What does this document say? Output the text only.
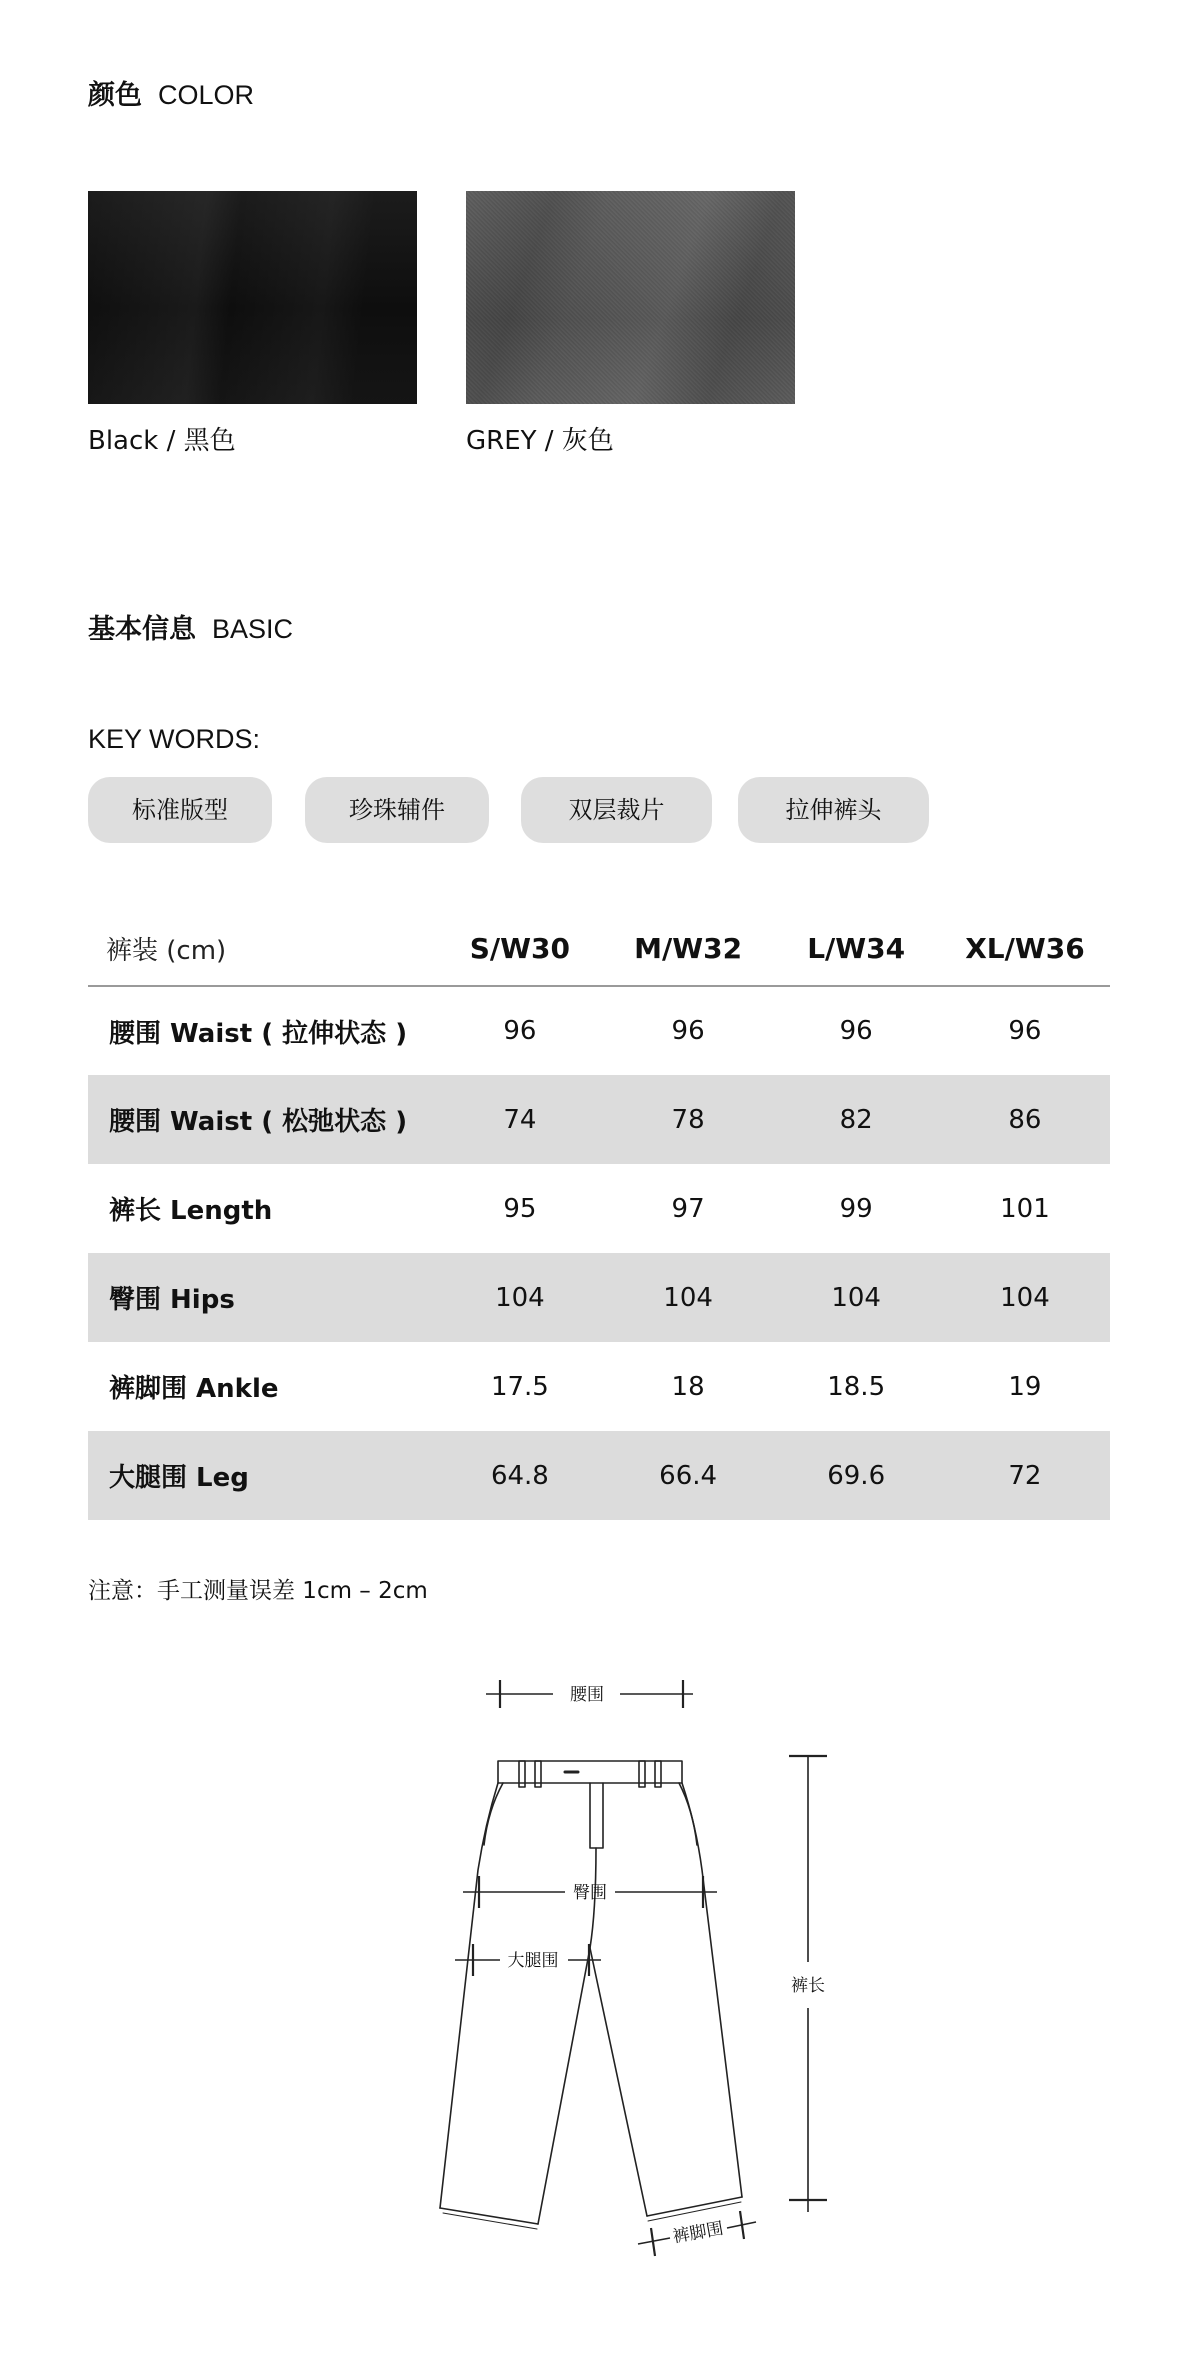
颜色 COLOR
Black / 黑色	GREY / 灰色
基本信息 BASIC
KEY WORDS:
标准版型	珍珠辅件	双层裁片	拉伸裤头
裤装 (cm)	S/W30	M/W32	L/W34	XL/W36
腰围 Waist ( 拉伸状态 )	96	96	96	96
腰围 Waist ( 松弛状态 )	74	78	82	86
裤长 Length	95	97	99	101
臀围 Hips	104	104	104	104
裤脚围 Ankle	17.5	18	18.5	19
大腿围 Leg	64.8	66.4	69.6	72
注意：手工测量误差 1cm – 2cm
腰围
臀围
大腿围
裤长
裤脚围
